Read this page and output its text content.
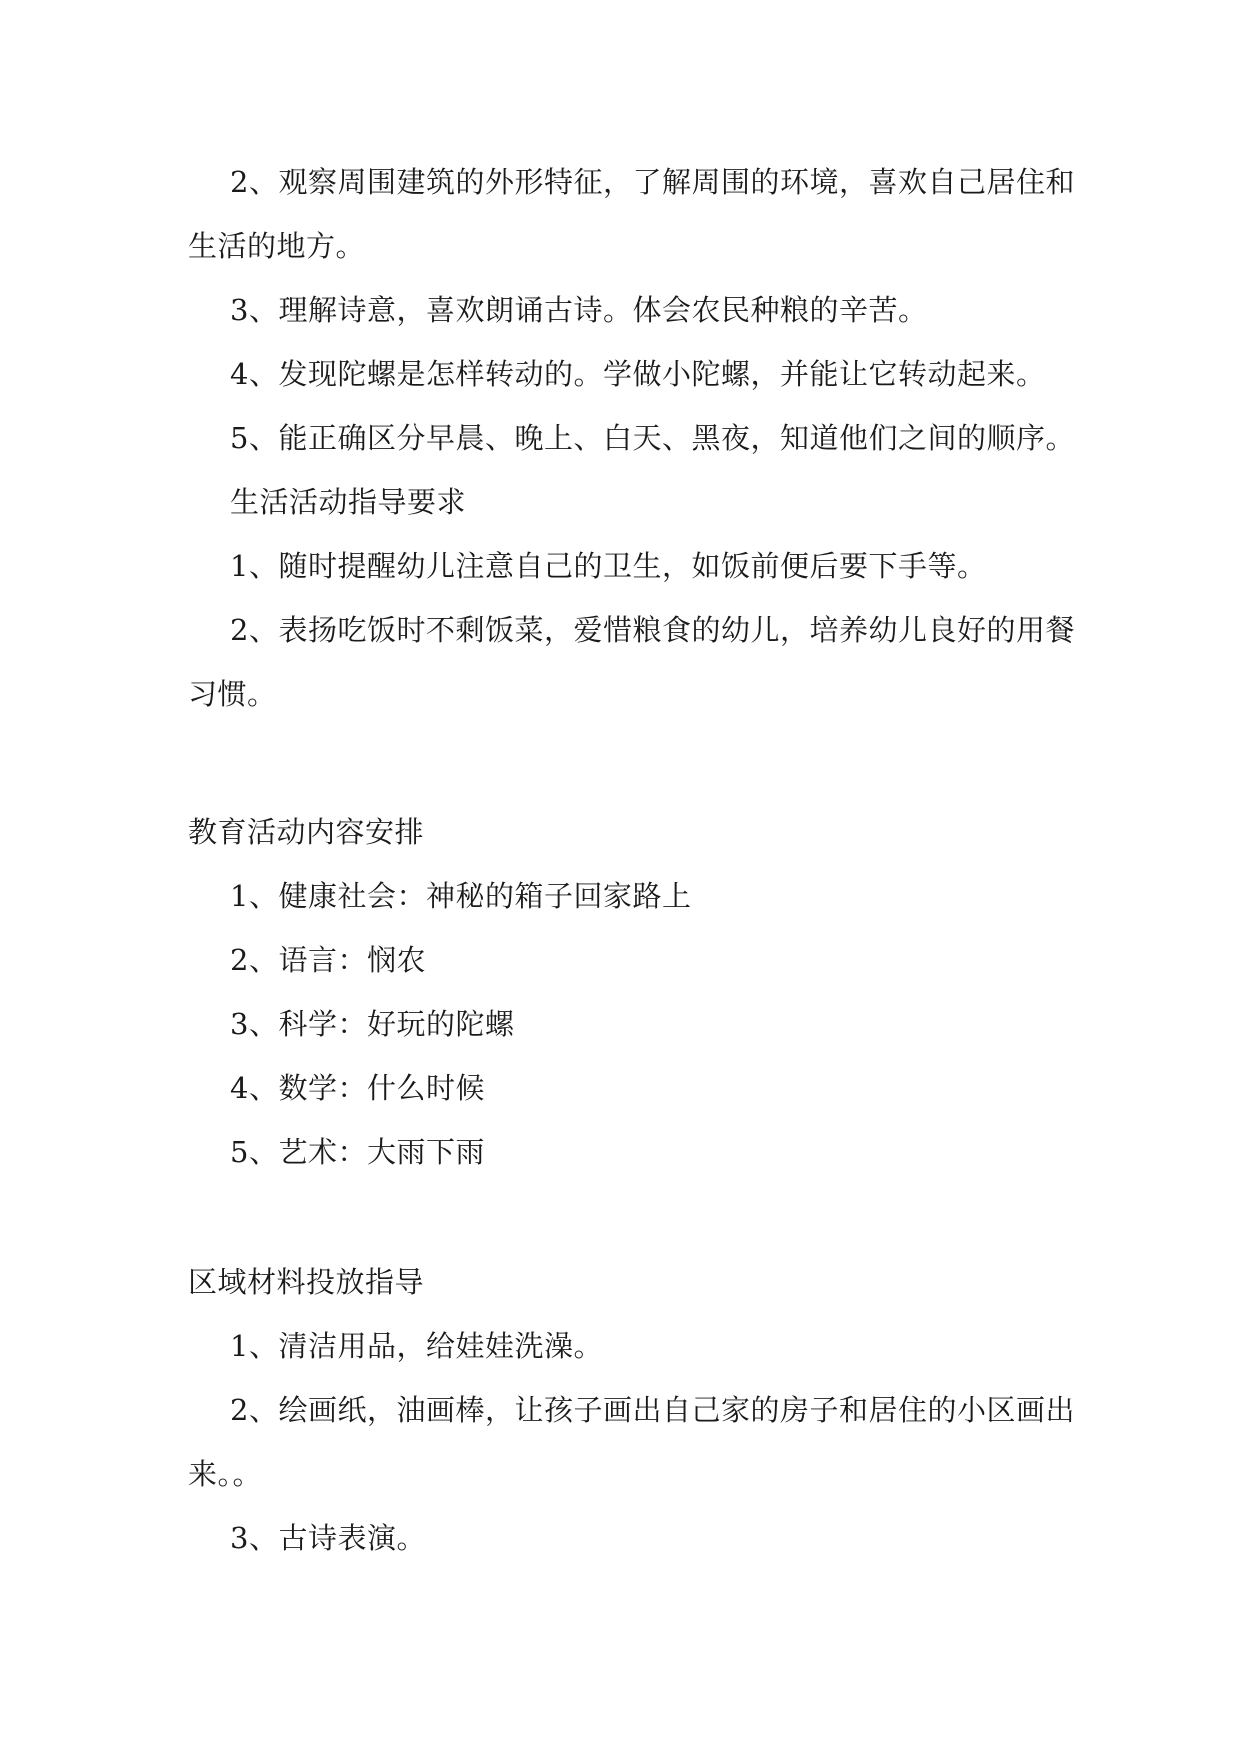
2、观察周围建筑的外形特征，了解周围的环境，喜欢自己居住和
生活的地方。
3、理解诗意，喜欢朗诵古诗。体会农民种粮的辛苦。
4、发现陀螺是怎样转动的。学做小陀螺，并能让它转动起来。
5、能正确区分早晨、晚上、白天、黑夜，知道他们之间的顺序。
生活活动指导要求
1、随时提醒幼儿注意自己的卫生，如饭前便后要下手等。
2、表扬吃饭时不剩饭菜，爱惜粮食的幼儿，培养幼儿良好的用餐
习惯。
教育活动内容安排
1、健康社会：神秘的箱子回家路上
2、语言：悯农
3、科学：好玩的陀螺
4、数学：什么时候
5、艺术：大雨下雨
区域材料投放指导
1、清洁用品，给娃娃洗澡。
2、绘画纸，油画棒，让孩子画出自己家的房子和居住的小区画出
来。。
3、古诗表演。
